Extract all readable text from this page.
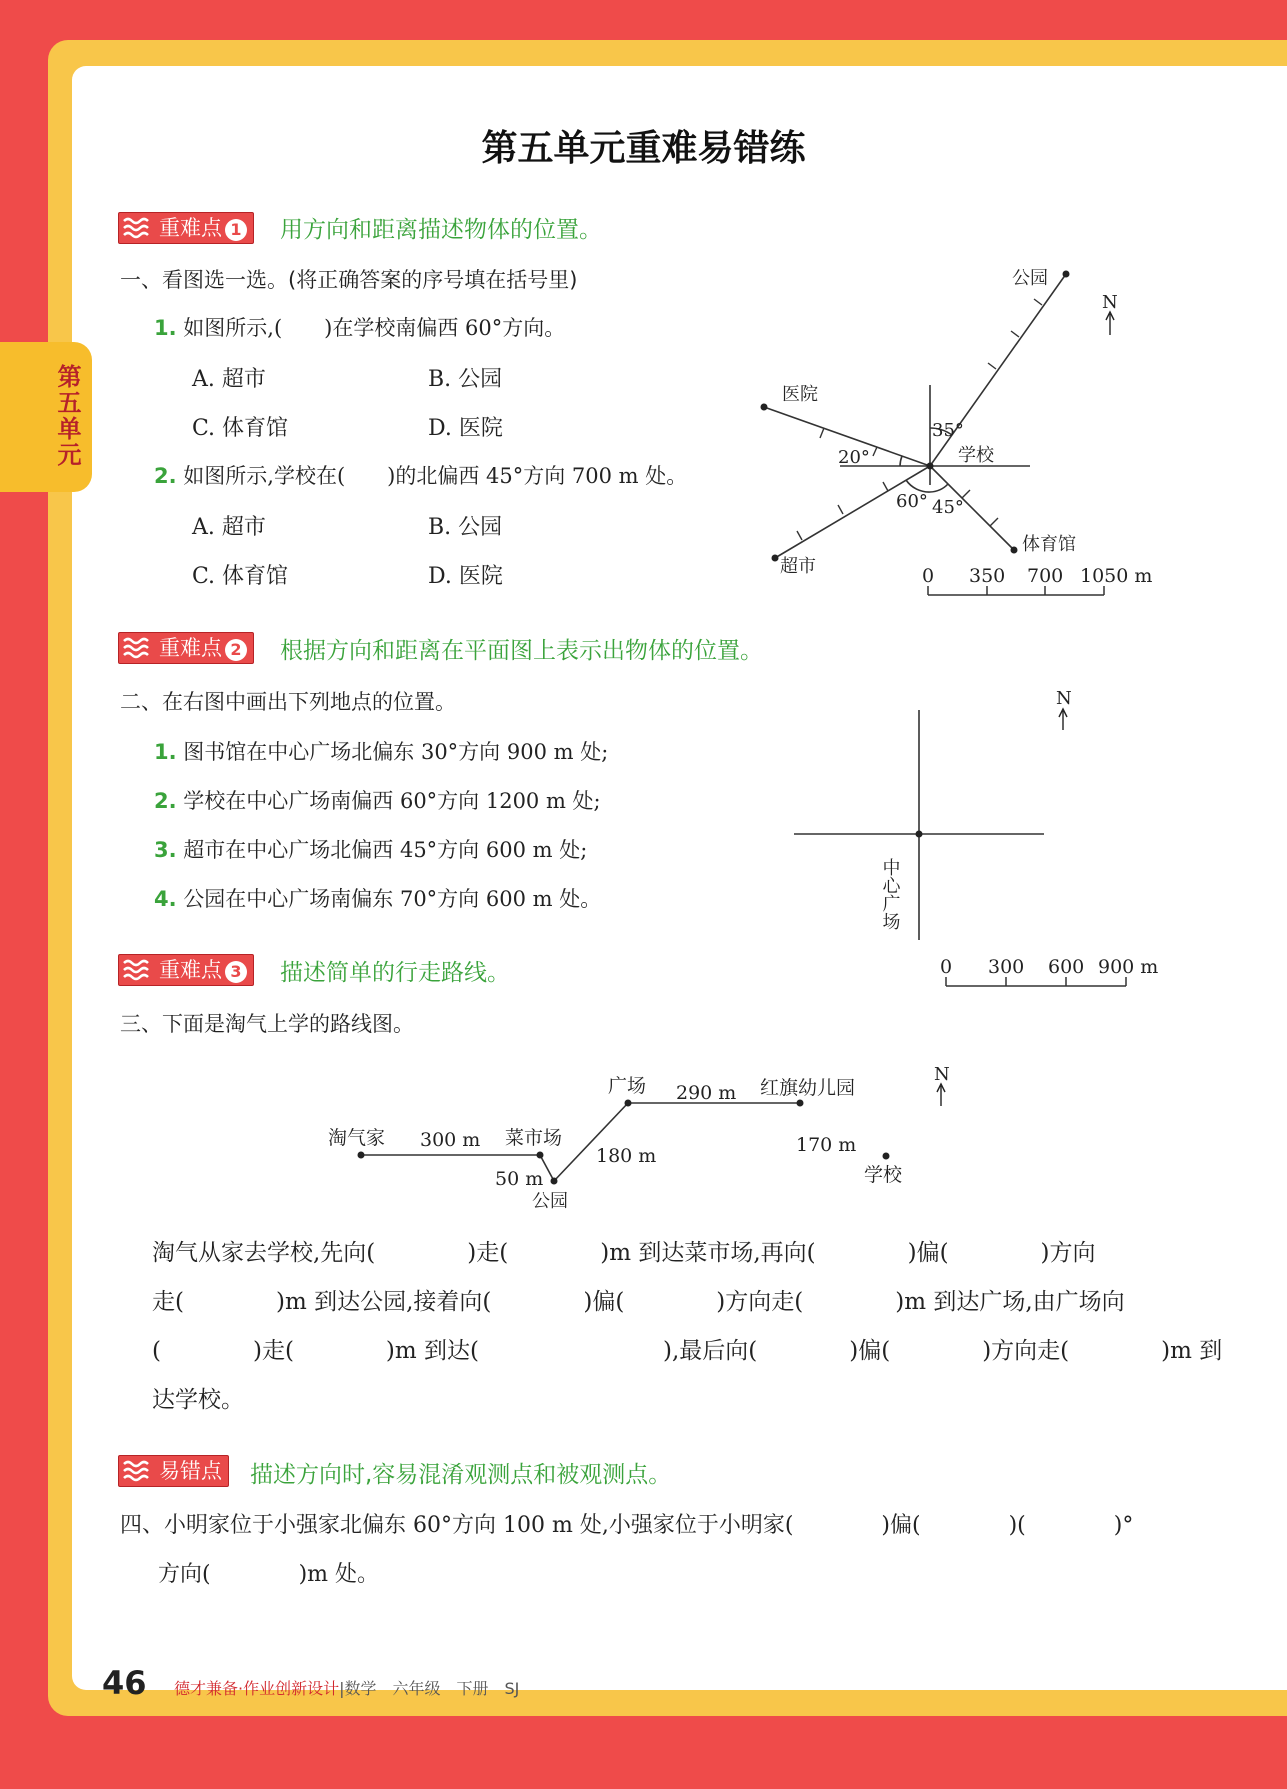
第五单元
第五单元重难易错练
重难点 1	用方向和距离描述物体的位置。
一、看图选一选。(将正确答案的序号填在括号里)
1. 如图所示,(　　)在学校南偏西 60°方向。
A. 超市	B. 公园
C. 体育馆	D. 医院
2. 如图所示,学校在(　　)的北偏西 45°方向 700 m 处。
A. 超市	B. 公园
C. 体育馆	D. 医院
公园
医院
学校
体育馆
超市
35°
20°
60° 45°
N
0 350 700 1050 m
重难点 2	根据方向和距离在平面图上表示出物体的位置。
二、在右图中画出下列地点的位置。
1. 图书馆在中心广场北偏东 30°方向 900 m 处;
2. 学校在中心广场南偏西 60°方向 1200 m 处;
3. 超市在中心广场北偏西 45°方向 600 m 处;
4. 公园在中心广场南偏东 70°方向 600 m 处。
N
中心广场
0 300 600 900 m
重难点 3	描述简单的行走路线。
三、下面是淘气上学的路线图。
淘气家 300 m 菜市场
50 m
公园
180 m
广场 290 m 红旗幼儿园
170 m
学校
N
淘气从家去学校,先向(　　　　)走(　　　　)m 到达菜市场,再向(　　　　)偏(　　　　)方向
走(　　　　)m 到达公园,接着向(　　　　)偏(　　　　)方向走(　　　　)m 到达广场,由广场向
(　　　　)走(　　　　)m 到达(　　　　　　　　),最后向(　　　　)偏(　　　　)方向走(　　　　)m 到
达学校。
易错点	描述方向时,容易混淆观测点和被观测点。
四、小明家位于小强家北偏东 60°方向 100 m 处,小强家位于小明家(　　　　)偏(　　　　)(　　　　)°
方向(　　　　)m 处。
46 德才兼备·作业创新设计|数学　六年级　下册　SJ
